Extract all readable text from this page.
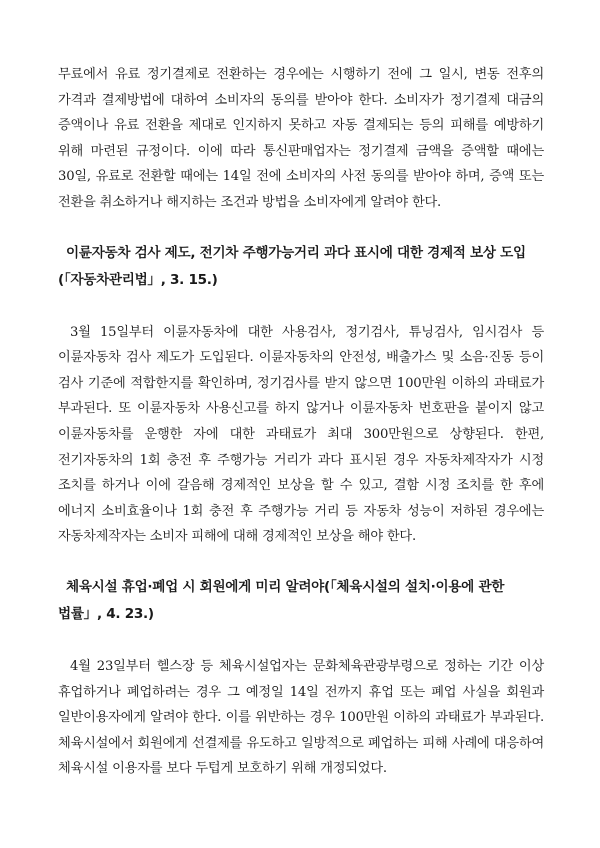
무료에서 유료 정기결제로 전환하는 경우에는 시행하기 전에 그 일시, 변동 전후의 가격과 결제방법에 대하여 소비자의 동의를 받아야 한다. 소비자가 정기결제 대금의 증액이나 유료 전환을 제대로 인지하지 못하고 자동 결제되는 등의 피해를 예방하기 위해 마련된 규정이다. 이에 따라 통신판매업자는 정기결제 금액을 증액할 때에는 30일, 유료로 전환할 때에는 14일 전에 소비자의 사전 동의를 받아야 하며, 증액 또는 전환을 취소하거나 해지하는 조건과 방법을 소비자에게 알려야 한다.

이륜자동차 검사 제도, 전기차 주행가능거리 과다 표시에 대한 경제적 보상 도입(「자동차관리법」, 3. 15.)

3월 15일부터 이륜자동차에 대한 사용검사, 정기검사, 튜닝검사, 임시검사 등 이륜자동차 검사 제도가 도입된다. 이륜자동차의 안전성, 배출가스 및 소음·진동 등이 검사 기준에 적합한지를 확인하며, 정기검사를 받지 않으면 100만원 이하의 과태료가 부과된다. 또 이륜자동차 사용신고를 하지 않거나 이륜자동차 번호판을 붙이지 않고 이륜자동차를 운행한 자에 대한 과태료가 최대 300만원으로 상향된다. 한편, 전기자동차의 1회 충전 후 주행가능 거리가 과다 표시된 경우 자동차제작자가 시정 조치를 하거나 이에 갈음해 경제적인 보상을 할 수 있고, 결함 시정 조치를 한 후에 에너지 소비효율이나 1회 충전 후 주행가능 거리 등 자동차 성능이 저하된 경우에는 자동차제작자는 소비자 피해에 대해 경제적인 보상을 해야 한다.

체육시설 휴업·폐업 시 회원에게 미리 알려야(「체육시설의 설치·이용에 관한 법률」, 4. 23.)

4월 23일부터 헬스장 등 체육시설업자는 문화체육관광부령으로 정하는 기간 이상 휴업하거나 폐업하려는 경우 그 예정일 14일 전까지 휴업 또는 폐업 사실을 회원과 일반이용자에게 알려야 한다. 이를 위반하는 경우 100만원 이하의 과태료가 부과된다. 체육시설에서 회원에게 선결제를 유도하고 일방적으로 폐업하는 피해 사례에 대응하여 체육시설 이용자를 보다 두텁게 보호하기 위해 개정되었다.
